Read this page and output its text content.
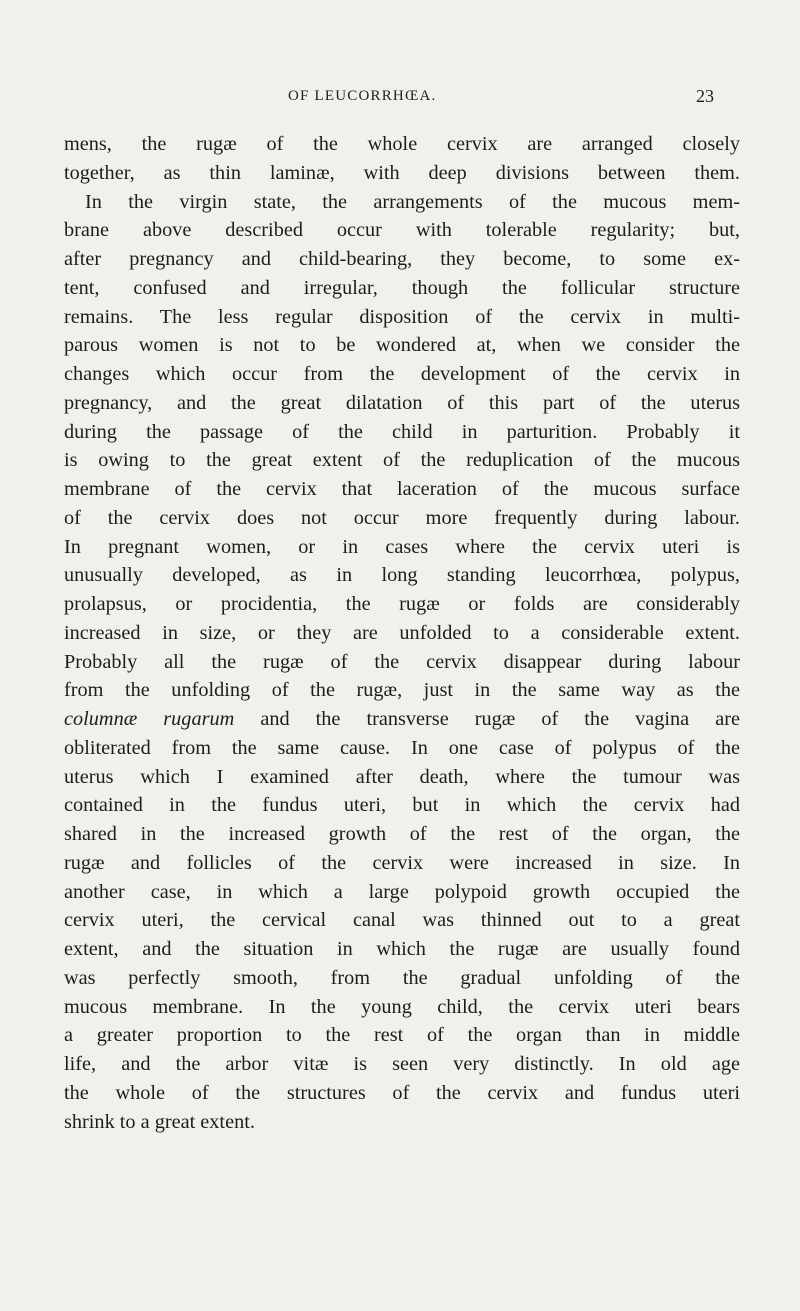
OF LEUCORRHŒA.	23
mens, the rugæ of the whole cervix are arranged closely
together, as thin laminæ, with deep divisions between them.
In the virgin state, the arrangements of the mucous mem-
brane above described occur with tolerable regularity; but,
after pregnancy and child-bearing, they become, to some ex-
tent, confused and irregular, though the follicular structure
remains. The less regular disposition of the cervix in multi-
parous women is not to be wondered at, when we consider the
changes which occur from the development of the cervix in
pregnancy, and the great dilatation of this part of the uterus
during the passage of the child in parturition. Probably it
is owing to the great extent of the reduplication of the mucous
membrane of the cervix that laceration of the mucous surface
of the cervix does not occur more frequently during labour.
In pregnant women, or in cases where the cervix uteri is
unusually developed, as in long standing leucorrhœa, polypus,
prolapsus, or procidentia, the rugæ or folds are considerably
increased in size, or they are unfolded to a considerable extent.
Probably all the rugæ of the cervix disappear during labour
from the unfolding of the rugæ, just in the same way as the
columnæ rugarum and the transverse rugæ of the vagina are
obliterated from the same cause. In one case of polypus of the
uterus which I examined after death, where the tumour was
contained in the fundus uteri, but in which the cervix had
shared in the increased growth of the rest of the organ, the
rugæ and follicles of the cervix were increased in size. In
another case, in which a large polypoid growth occupied the
cervix uteri, the cervical canal was thinned out to a great
extent, and the situation in which the rugæ are usually found
was perfectly smooth, from the gradual unfolding of the
mucous membrane. In the young child, the cervix uteri bears
a greater proportion to the rest of the organ than in middle
life, and the arbor vitæ is seen very distinctly. In old age
the whole of the structures of the cervix and fundus uteri
shrink to a great extent.
